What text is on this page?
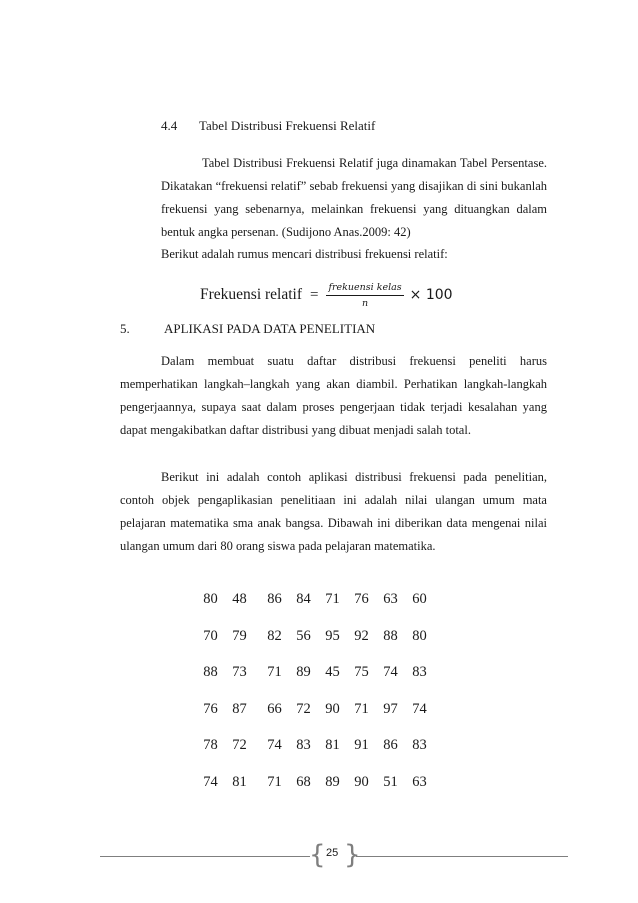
4.4 Tabel Distribusi Frekuensi Relatif

Tabel Distribusi Frekuensi Relatif juga dinamakan Tabel Persentase. Dikatakan “frekuensi relatif” sebab frekuensi yang disajikan di sini bukanlah frekuensi yang sebenarnya, melainkan frekuensi yang dituangkan dalam bentuk angka persenan. (Sudijono Anas.2009: 42)

Berikut adalah rumus mencari distribusi frekuensi relatif:

Frekuensi relatif = $\frac{\text{frekuensi kelas}}{n} \times 100$
5.	APLIKASI PADA DATA PENELITIAN

Dalam membuat suatu daftar distribusi frekuensi peneliti harus memperhatikan langkah–langkah yang akan diambil. Perhatikan langkah-langkah pengerjaannya, supaya saat dalam proses pengerjaan tidak terjadi kesalahan yang dapat mengakibatkan daftar distribusi yang dibuat menjadi salah total.

Berikut ini adalah contoh aplikasi distribusi frekuensi pada penelitian, contoh objek pengaplikasian penelitiaan ini adalah nilai ulangan umum mata pelajaran matematika sma anak bangsa. Dibawah ini diberikan data mengenai nilai ulangan umum dari 80 orang siswa pada pelajaran matematika.

80	48	86	84	71	76	63	60
70	79	82	56	95	92	88	80
88	73	71	89	45	75	74	83
76	87	66	72	90	71	97	74
78	72	74	83	81	91	86	83
74	81	71	68	89	90	51	63
{ }
25
